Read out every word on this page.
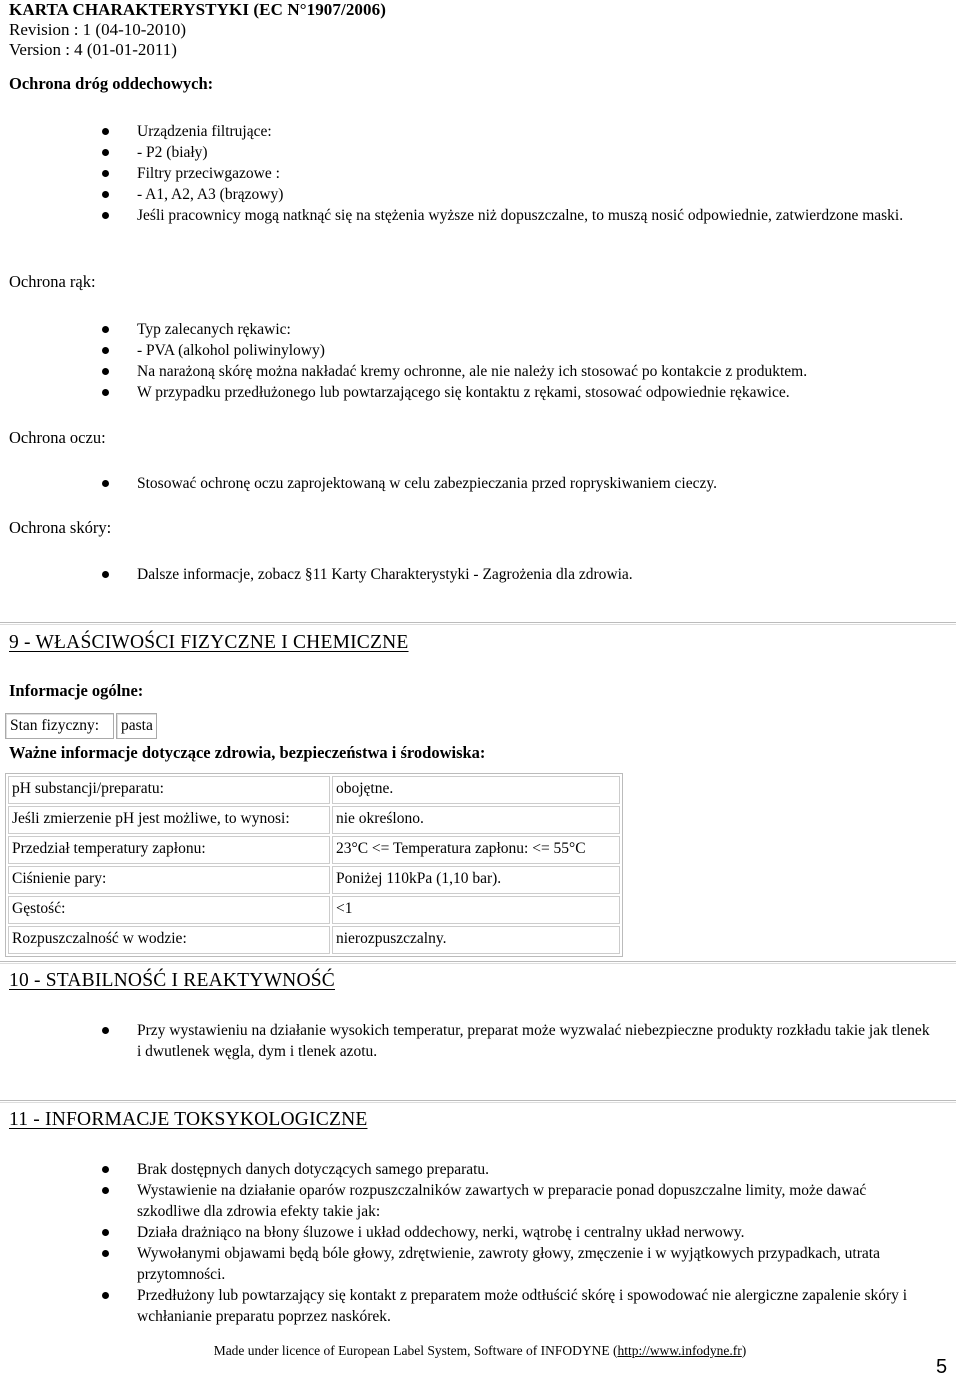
KARTA CHARAKTERYSTYKI (EC N°1907/2006)
Revision : 1 (04-10-2010)
Version : 4 (01-01-2011)
Ochrona dróg oddechowych:
Urządzenia filtrujące:
- P2 (biały)
Filtry przeciwgazowe :
- A1, A2, A3 (brązowy)
Jeśli pracownicy mogą natknąć się na stężenia wyższe niż dopuszczalne, to muszą nosić odpowiednie, zatwierdzone maski.
Ochrona rąk:
Typ zalecanych rękawic:
- PVA (alkohol poliwinylowy)
Na narażoną skórę można nakładać kremy ochronne, ale nie należy ich stosować po kontakcie z produktem.
W przypadku przedłużonego lub powtarzającego się kontaktu z rękami, stosować odpowiednie rękawice.
Ochrona oczu:
Stosować ochronę oczu zaprojektowaną w celu zabezpieczania przed ropryskiwaniem cieczy.
Ochrona skóry:
Dalsze informacje, zobacz §11 Karty Charakterystyki - Zagrożenia dla zdrowia.
9 - WŁAŚCIWOŚCI FIZYCZNE I CHEMICZNE
Informacje ogólne:
Stan fizyczny:	pasta
Ważne informacje dotyczące zdrowia, bezpieczeństwa i środowiska:
pH substancji/preparatu:	obojętne.
Jeśli zmierzenie pH jest możliwe, to wynosi:	nie określono.
Przedział temperatury zapłonu:	23°C <= Temperatura zapłonu: <= 55°C
Ciśnienie pary:	Poniżej 110kPa (1,10 bar).
Gęstość:	<1
Rozpuszczalność w wodzie:	nierozpuszczalny.
10 - STABILNOŚĆ I REAKTYWNOŚĆ
Przy wystawieniu na działanie wysokich temperatur, preparat może wyzwalać niebezpieczne produkty rozkładu takie jak tlenek i dwutlenek węgla, dym i tlenek azotu.
11 - INFORMACJE TOKSYKOLOGICZNE
Brak dostępnych danych dotyczących samego preparatu.
Wystawienie na działanie oparów rozpuszczalników zawartych w preparacie ponad dopuszczalne limity, może dawać szkodliwe dla zdrowia efekty takie jak:
Działa drażniąco na błony śluzowe i układ oddechowy, nerki, wątrobę i centralny układ nerwowy.
Wywołanymi objawami będą bóle głowy, zdrętwienie, zawroty głowy, zmęczenie i w wyjątkowych przypadkach, utrata przytomności.
Przedłużony lub powtarzający się kontakt z preparatem może odtłuścić skórę i spowodować nie alergiczne zapalenie skóry i wchłanianie preparatu poprzez naskórek.
Made under licence of European Label System, Software of INFODYNE (http://www.infodyne.fr)
5
